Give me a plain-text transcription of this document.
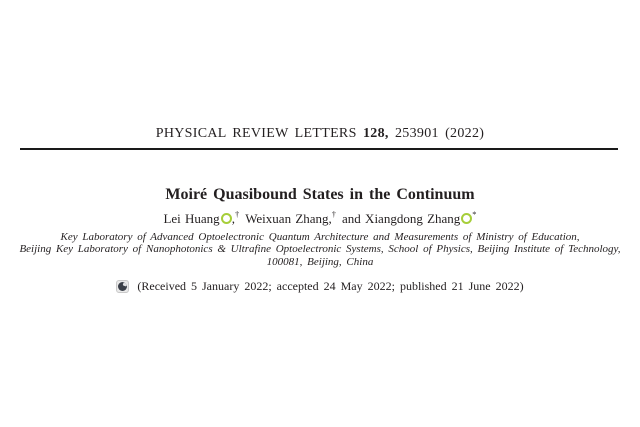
PHYSICAL REVIEW LETTERS 128, 253901 (2022)
Moiré Quasibound States in the Continuum
Lei Huang ,† Weixuan Zhang,† and Xiangdong Zhang *
Key Laboratory of Advanced Optoelectronic Quantum Architecture and Measurements of Ministry of Education,
Beijing Key Laboratory of Nanophotonics & Ultrafine Optoelectronic Systems, School of Physics, Beijing Institute of Technology,
100081, Beijing, China
(Received 5 January 2022; accepted 24 May 2022; published 21 June 2022)
